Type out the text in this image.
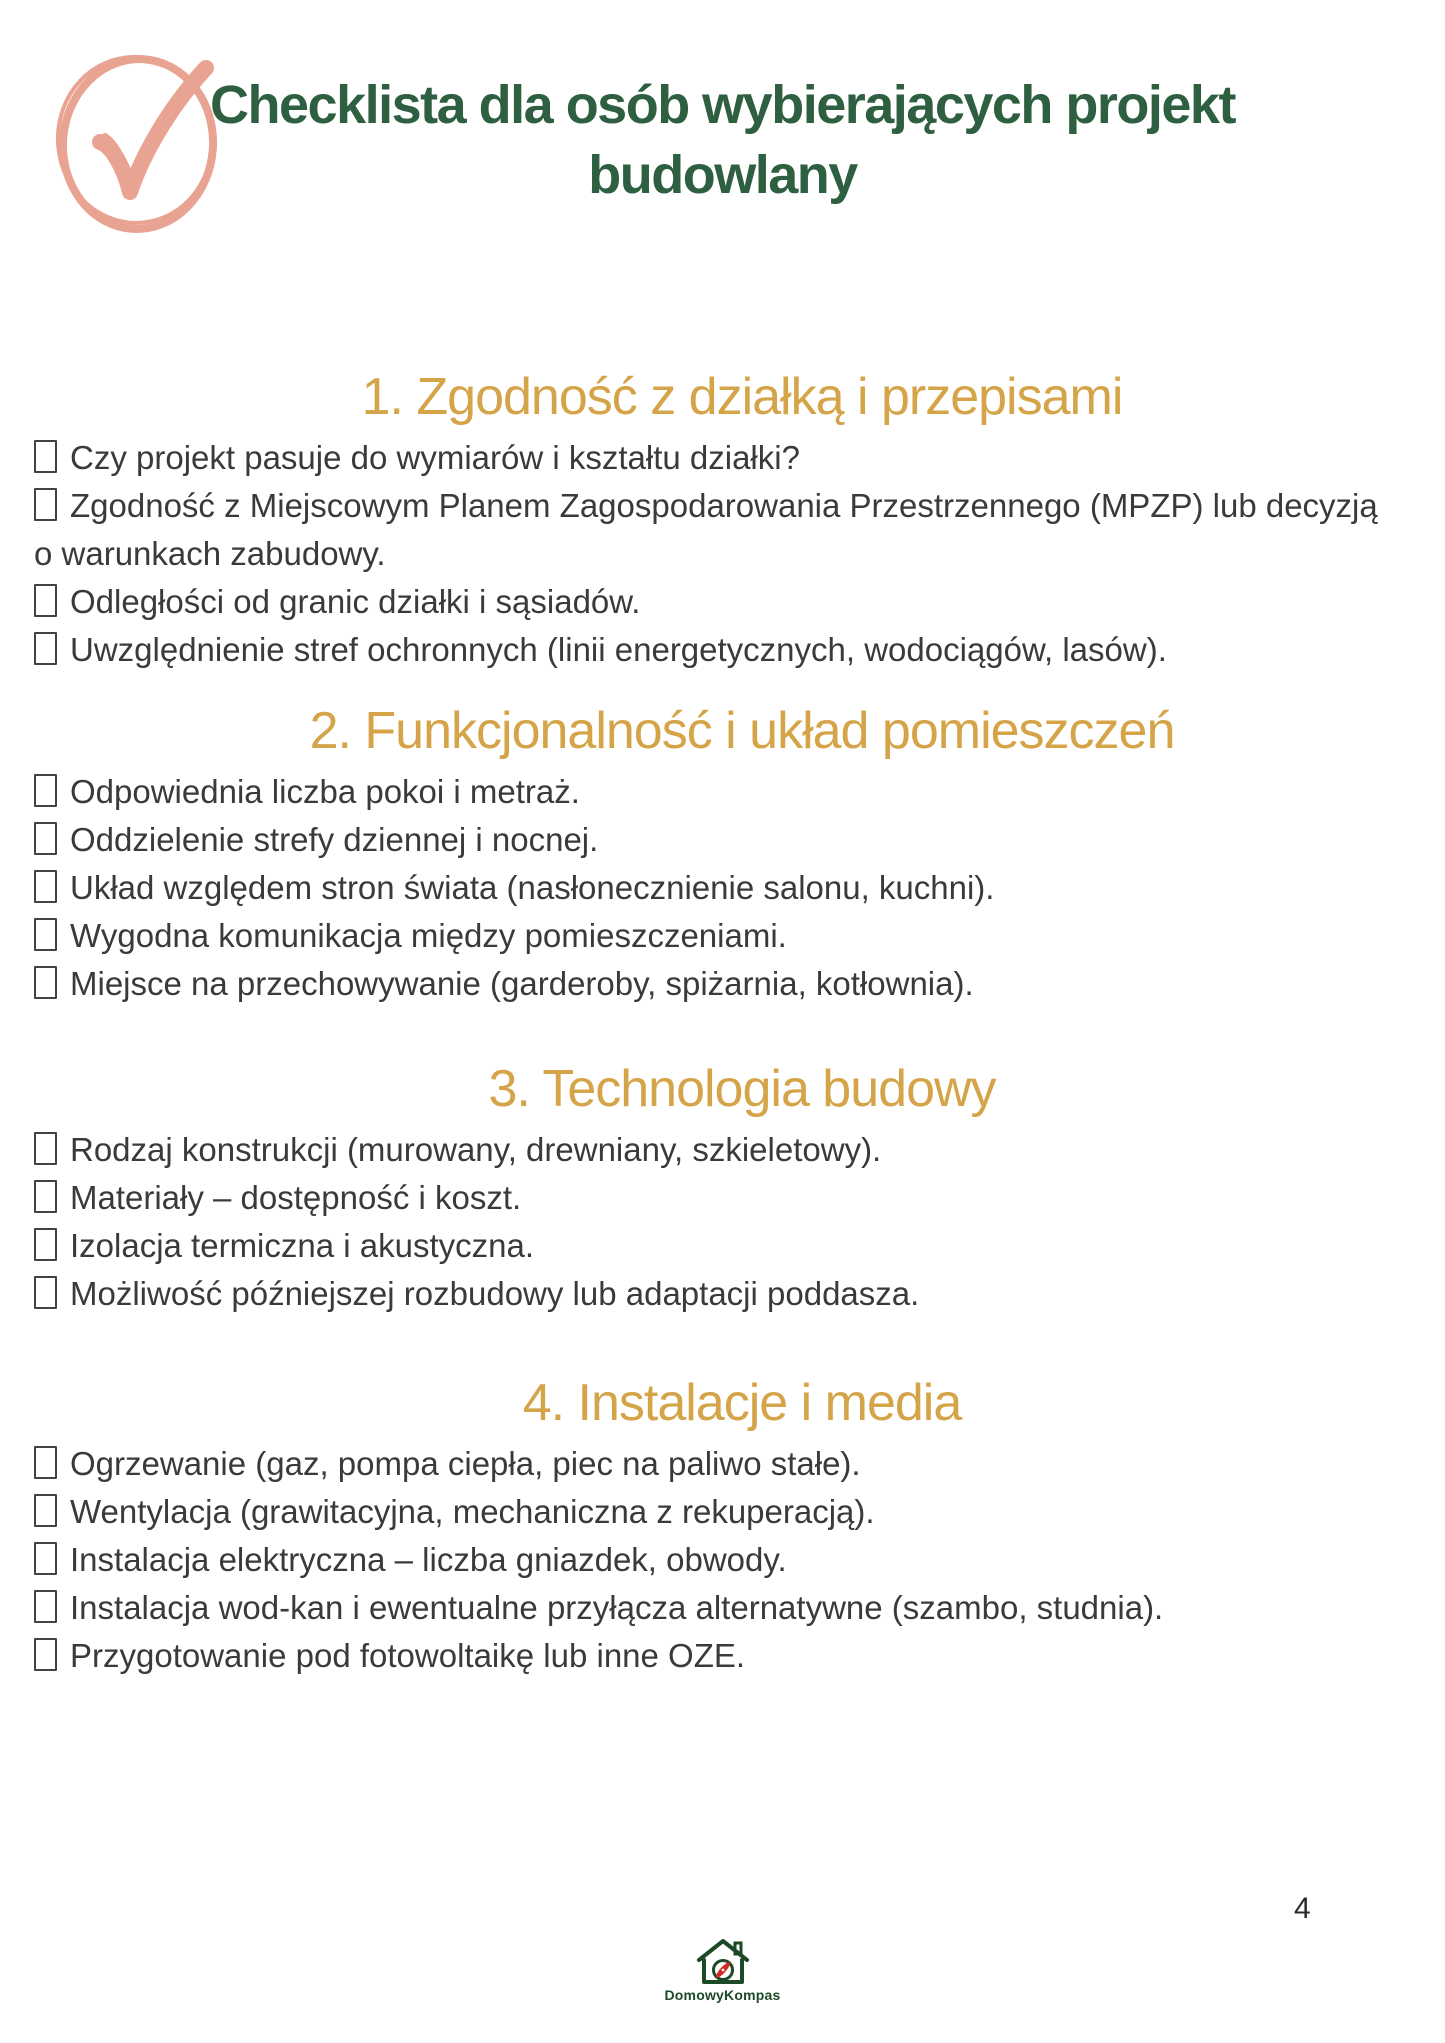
Checklista dla osób wybierających projekt
budowlany
1. Zgodność z działką i przepisami

Czy projekt pasuje do wymiarów i kształtu działki?

Zgodność z Miejscowym Planem Zagospodarowania Przestrzennego (MPZP) lub decyzją o warunkach zabudowy.

Odległości od granic działki i sąsiadów.

Uwzględnienie stref ochronnych (linii energetycznych, wodociągów, lasów).

2. Funkcjonalność i układ pomieszczeń

Odpowiednia liczba pokoi i metraż.

Oddzielenie strefy dziennej i nocnej.

Układ względem stron świata (nasłonecznienie salonu, kuchni).

Wygodna komunikacja między pomieszczeniami.

Miejsce na przechowywanie (garderoby, spiżarnia, kotłownia).

3. Technologia budowy

Rodzaj konstrukcji (murowany, drewniany, szkieletowy).

Materiały – dostępność i koszt.

Izolacja termiczna i akustyczna.

Możliwość późniejszej rozbudowy lub adaptacji poddasza.

4. Instalacje i media

Ogrzewanie (gaz, pompa ciepła, piec na paliwo stałe).

Wentylacja (grawitacyjna, mechaniczna z rekuperacją).

Instalacja elektryczna – liczba gniazdek, obwody.

Instalacja wod-kan i ewentualne przyłącza alternatywne (szambo, studnia).

Przygotowanie pod fotowoltaikę lub inne OZE.

4
DomowyKompas
